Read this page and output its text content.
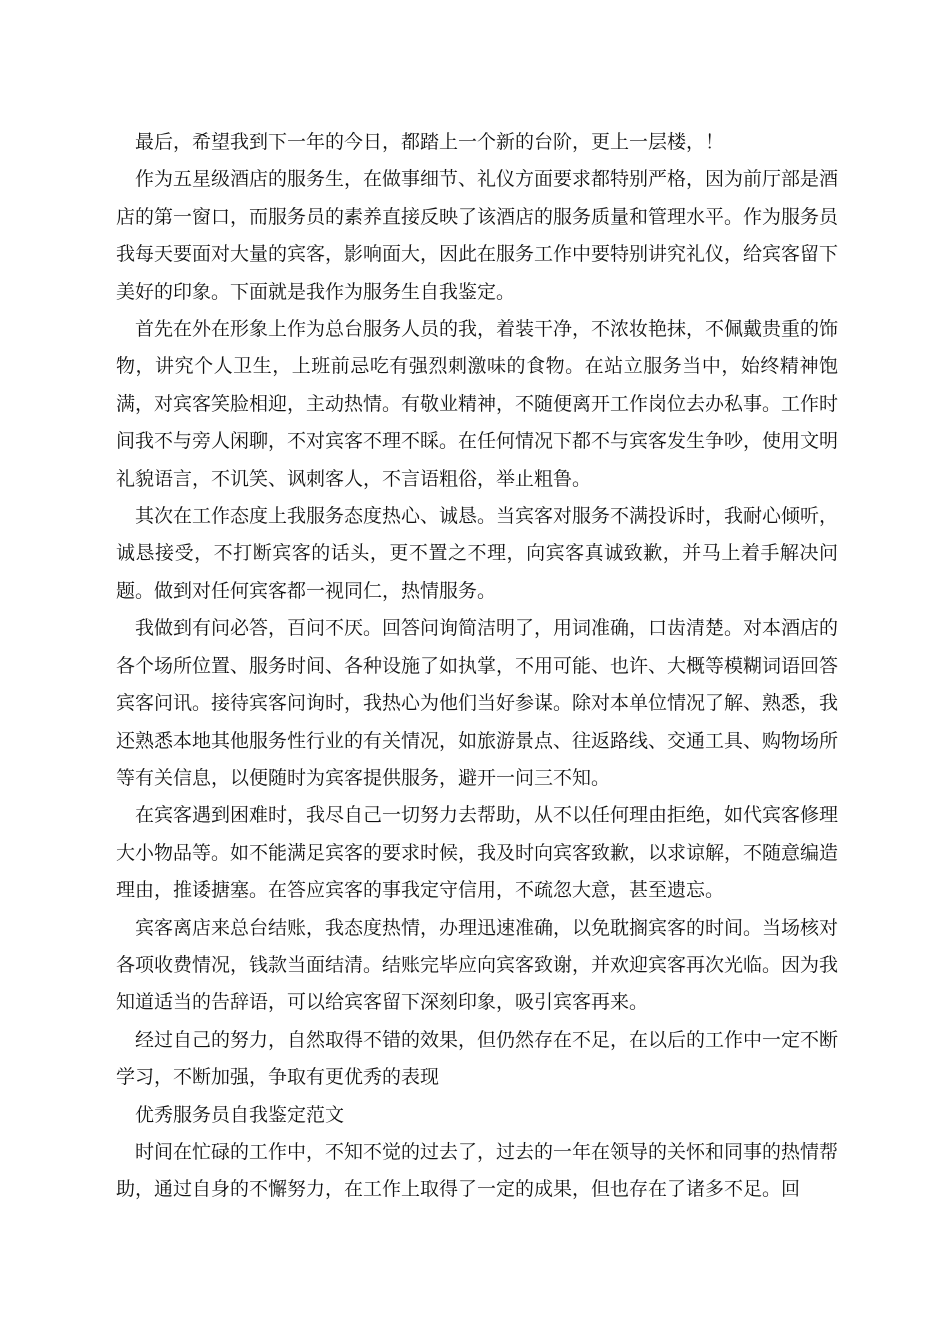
最后，希望我到下一年的今日，都踏上一个新的台阶，更上一层楼，！

作为五星级酒店的服务生，在做事细节、礼仪方面要求都特别严格，因为前厅部是酒店的第一窗口，而服务员的素养直接反映了该酒店的服务质量和管理水平。作为服务员我每天要面对大量的宾客，影响面大，因此在服务工作中要特别讲究礼仪，给宾客留下美好的印象。下面就是我作为服务生自我鉴定。

首先在外在形象上作为总台服务人员的我，着装干净，不浓妆艳抹，不佩戴贵重的饰物，讲究个人卫生，上班前忌吃有强烈刺激味的食物。在站立服务当中，始终精神饱满，对宾客笑脸相迎，主动热情。有敬业精神，不随便离开工作岗位去办私事。工作时间我不与旁人闲聊，不对宾客不理不睬。在任何情况下都不与宾客发生争吵，使用文明礼貌语言，不讥笑、讽刺客人，不言语粗俗，举止粗鲁。

其次在工作态度上我服务态度热心、诚恳。当宾客对服务不满投诉时，我耐心倾听，诚恳接受，不打断宾客的话头，更不置之不理，向宾客真诚致歉，并马上着手解决问题。做到对任何宾客都一视同仁，热情服务。

我做到有问必答，百问不厌。回答问询简洁明了，用词准确，口齿清楚。对本酒店的各个场所位置、服务时间、各种设施了如执掌，不用可能、也许、大概等模糊词语回答宾客问讯。接待宾客问询时，我热心为他们当好参谋。除对本单位情况了解、熟悉，我还熟悉本地其他服务性行业的有关情况，如旅游景点、往返路线、交通工具、购物场所等有关信息，以便随时为宾客提供服务，避开一问三不知。

在宾客遇到困难时，我尽自己一切努力去帮助，从不以任何理由拒绝，如代宾客修理大小物品等。如不能满足宾客的要求时候，我及时向宾客致歉，以求谅解，不随意编造理由，推诿搪塞。在答应宾客的事我定守信用，不疏忽大意，甚至遗忘。

宾客离店来总台结账，我态度热情，办理迅速准确，以免耽搁宾客的时间。当场核对各项收费情况，钱款当面结清。结账完毕应向宾客致谢，并欢迎宾客再次光临。因为我知道适当的告辞语，可以给宾客留下深刻印象，吸引宾客再来。

经过自己的努力，自然取得不错的效果，但仍然存在不足，在以后的工作中一定不断学习，不断加强，争取有更优秀的表现

优秀服务员自我鉴定范文

时间在忙碌的工作中，不知不觉的过去了，过去的一年在领导的关怀和同事的热情帮助，通过自身的不懈努力，在工作上取得了一定的成果，但也存在了诸多不足。回
